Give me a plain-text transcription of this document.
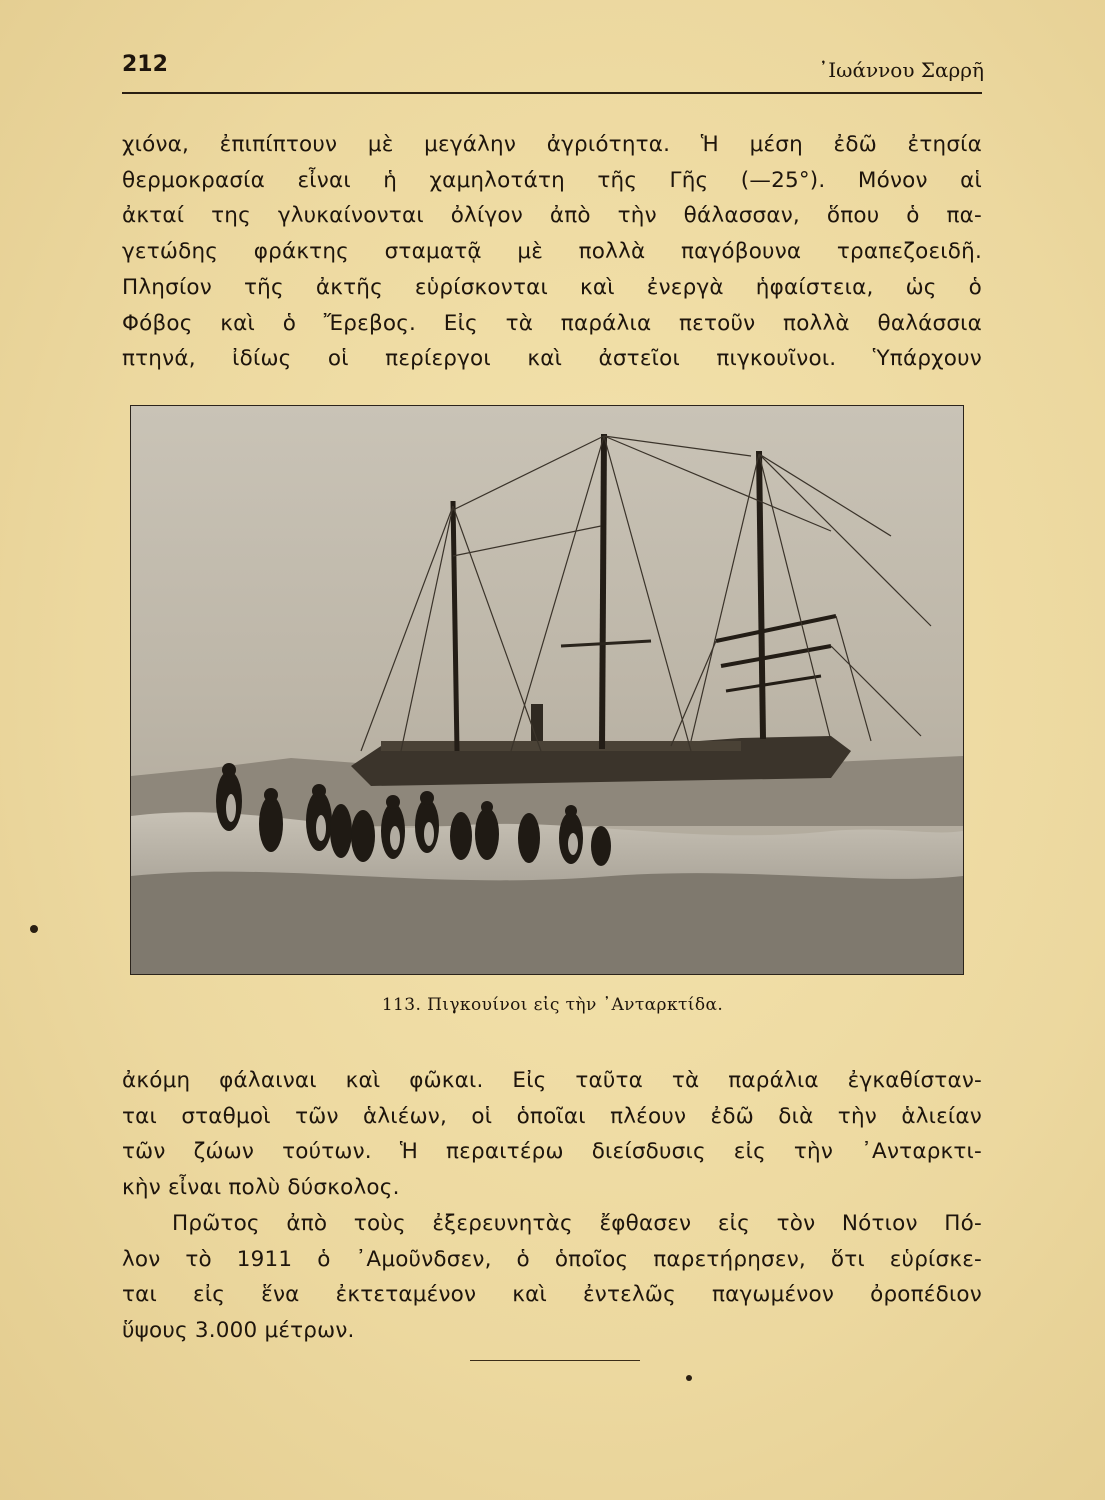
212	᾿Ιωάννου Σαρρῆ
χιόνα, ἐπιπίπτουν μὲ μεγάλην ἀγριότητα. Ἡ μέση ἐδῶ ἐτησία
θερμοκρασία εἶναι ἡ χαμηλοτάτη τῆς Γῆς (—25°). Μόνον αἱ
ἀκταί της γλυκαίνονται ὀλίγον ἀπὸ τὴν θάλασσαν, ὅπου ὁ πα-
γετώδης φράκτης σταματᾷ μὲ πολλὰ παγόβουνα τραπεζοειδῆ.
Πλησίον τῆς ἀκτῆς εὑρίσκονται καὶ ἐνεργὰ ἡφαίστεια, ὡς ὁ
Φόβος καὶ ὁ Ἔρεβος. Εἰς τὰ παράλια πετοῦν πολλὰ θαλάσσια
πτηνά, ἰδίως οἱ περίεργοι καὶ ἀστεῖοι πιγκουῖνοι. Ὑπάρχουν
113. Πιγκουίνοι εἰς τὴν ᾿Ανταρκτίδα.
ἀκόμη φάλαιναι καὶ φῶκαι. Εἰς ταῦτα τὰ παράλια ἐγκαθίσταν-
ται σταθμοὶ τῶν ἁλιέων, οἱ ὁποῖαι πλέουν ἐδῶ διὰ τὴν ἁλιείαν
τῶν ζώων τούτων. Ἡ περαιτέρω διείσδυσις εἰς τὴν ᾿Ανταρκτι-
κὴν εἶναι πολὺ δύσκολος.
Πρῶτος ἀπὸ τοὺς ἐξερευνητὰς ἔφθασεν εἰς τὸν Νότιον Πό-
λον τὸ 1911 ὁ ᾿Αμοῦνδσεν, ὁ ὁποῖος παρετήρησεν, ὅτι εὑρίσκε-
ται εἰς ἕνα ἐκτεταμένον καὶ ἐντελῶς παγωμένον ὀροπέδιον
ὕψους 3.000 μέτρων.
